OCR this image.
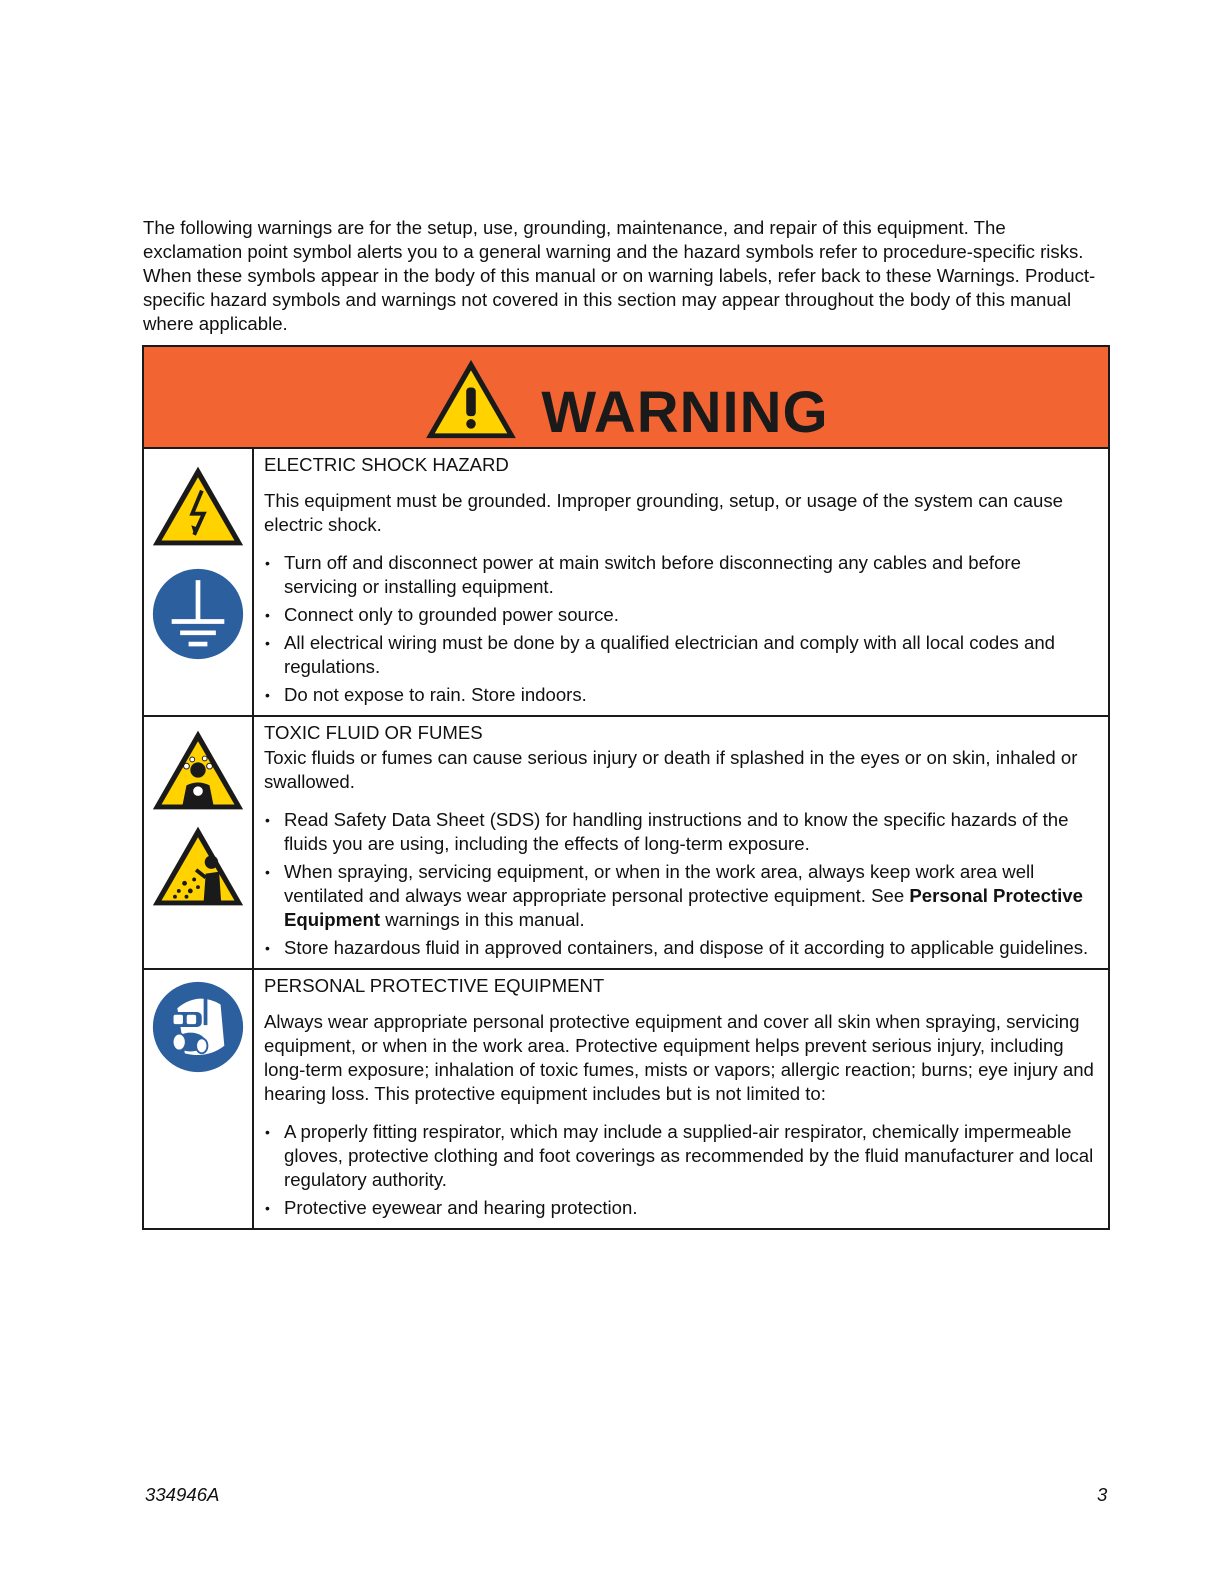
The following warnings are for the setup, use, grounding, maintenance, and repair of this equipment. The exclamation point symbol alerts you to a general warning and the hazard symbols refer to procedure-specific risks. When these symbols appear in the body of this manual or on warning labels, refer back to these Warnings. Product-specific hazard symbols and warnings not covered in this section may appear throughout the body of this manual where applicable.

WARNING

ELECTRIC SHOCK HAZARD

This equipment must be grounded. Improper grounding, setup, or usage of the system can cause electric shock.

• Turn off and disconnect power at main switch before disconnecting any cables and before servicing or installing equipment.
• Connect only to grounded power source.
• All electrical wiring must be done by a qualified electrician and comply with all local codes and regulations.
• Do not expose to rain. Store indoors.

TOXIC FLUID OR FUMES

Toxic fluids or fumes can cause serious injury or death if splashed in the eyes or on skin, inhaled or swallowed.

• Read Safety Data Sheet (SDS) for handling instructions and to know the specific hazards of the fluids you are using, including the effects of long-term exposure.
• When spraying, servicing equipment, or when in the work area, always keep work area well ventilated and always wear appropriate personal protective equipment. See Personal Protective Equipment warnings in this manual.
• Store hazardous fluid in approved containers, and dispose of it according to applicable guidelines.

PERSONAL PROTECTIVE EQUIPMENT

Always wear appropriate personal protective equipment and cover all skin when spraying, servicing equipment, or when in the work area. Protective equipment helps prevent serious injury, including long-term exposure; inhalation of toxic fumes, mists or vapors; allergic reaction; burns; eye injury and hearing loss. This protective equipment includes but is not limited to:

• A properly fitting respirator, which may include a supplied-air respirator, chemically impermeable gloves, protective clothing and foot coverings as recommended by the fluid manufacturer and local regulatory authority.
• Protective eyewear and hearing protection.
334946A	3
